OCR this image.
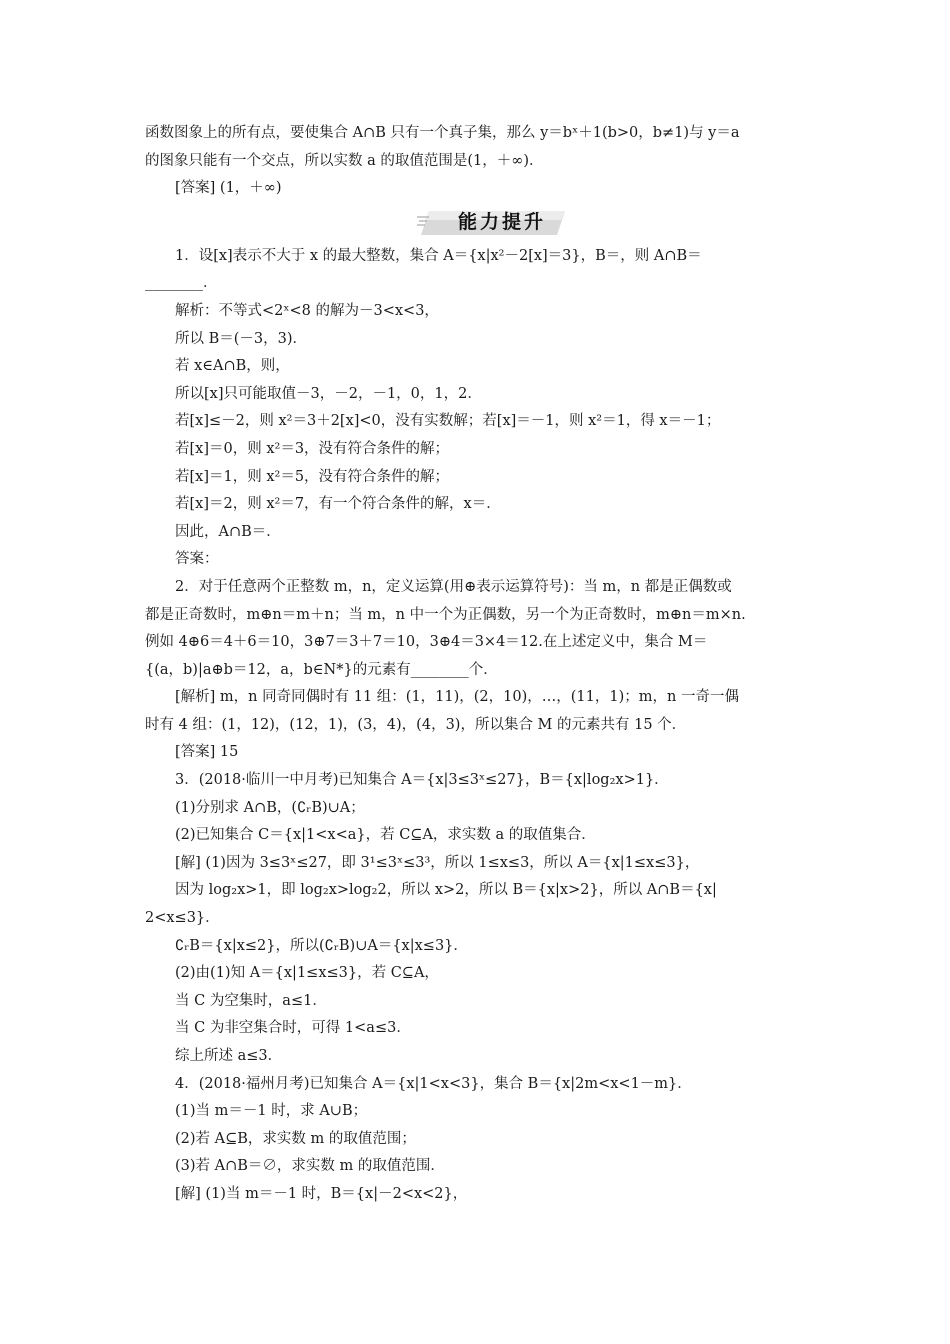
函数图象上的所有点，要使集合 A∩B 只有一个真子集，那么 y＝bˣ＋1(b>0，b≠1)与 y＝a
的图象只能有一个交点，所以实数 a 的取值范围是(1，＋∞)．
[答案] (1，＋∞)
能力提升
1．设[x]表示不大于 x 的最大整数，集合 A＝{x|x²－2[x]＝3}，B＝，则 A∩B＝
________．
解析：不等式<2ˣ<8 的解为－3<x<3，
所以 B＝(－3，3)．
若 x∈A∩B，则，
所以[x]只可能取值－3，－2，－1，0，1，2．
若[x]≤－2，则 x²＝3＋2[x]<0，没有实数解；若[x]＝－1，则 x²＝1，得 x＝－1；
若[x]＝0，则 x²＝3，没有符合条件的解；
若[x]＝1，则 x²＝5，没有符合条件的解；
若[x]＝2，则 x²＝7，有一个符合条件的解，x＝．
因此，A∩B＝．
答案：
2．对于任意两个正整数 m，n，定义运算(用⊕表示运算符号)：当 m，n 都是正偶数或
都是正奇数时，m⊕n＝m＋n；当 m，n 中一个为正偶数，另一个为正奇数时，m⊕n＝m×n.
例如 4⊕6＝4＋6＝10，3⊕7＝3＋7＝10，3⊕4＝3×4＝12.在上述定义中，集合 M＝
{(a，b)|a⊕b＝12，a，b∈N*}的元素有________个．
[解析] m，n 同奇同偶时有 11 组：(1，11)，(2，10)，…，(11，1)；m，n 一奇一偶
时有 4 组：(1，12)，(12，1)，(3，4)，(4，3)，所以集合 M 的元素共有 15 个．
[答案] 15
3．(2018·临川一中月考)已知集合 A＝{x|3≤3ˣ≤27}，B＝{x|log₂x>1}．
(1)分别求 A∩B，(∁ᵣB)∪A；
(2)已知集合 C＝{x|1<x<a}，若 C⊆A，求实数 a 的取值集合．
[解] (1)因为 3≤3ˣ≤27，即 3¹≤3ˣ≤3³，所以 1≤x≤3，所以 A＝{x|1≤x≤3}，
因为 log₂x>1，即 log₂x>log₂2，所以 x>2，所以 B＝{x|x>2}，所以 A∩B＝{x|
2<x≤3}．
∁ᵣB＝{x|x≤2}，所以(∁ᵣB)∪A＝{x|x≤3}．
(2)由(1)知 A＝{x|1≤x≤3}，若 C⊆A，
当 C 为空集时，a≤1．
当 C 为非空集合时，可得 1<a≤3．
综上所述 a≤3．
4．(2018·福州月考)已知集合 A＝{x|1<x<3}，集合 B＝{x|2m<x<1－m}．
(1)当 m＝－1 时，求 A∪B；
(2)若 A⊆B，求实数 m 的取值范围；
(3)若 A∩B＝∅，求实数 m 的取值范围．
[解] (1)当 m＝－1 时，B＝{x|－2<x<2}，
